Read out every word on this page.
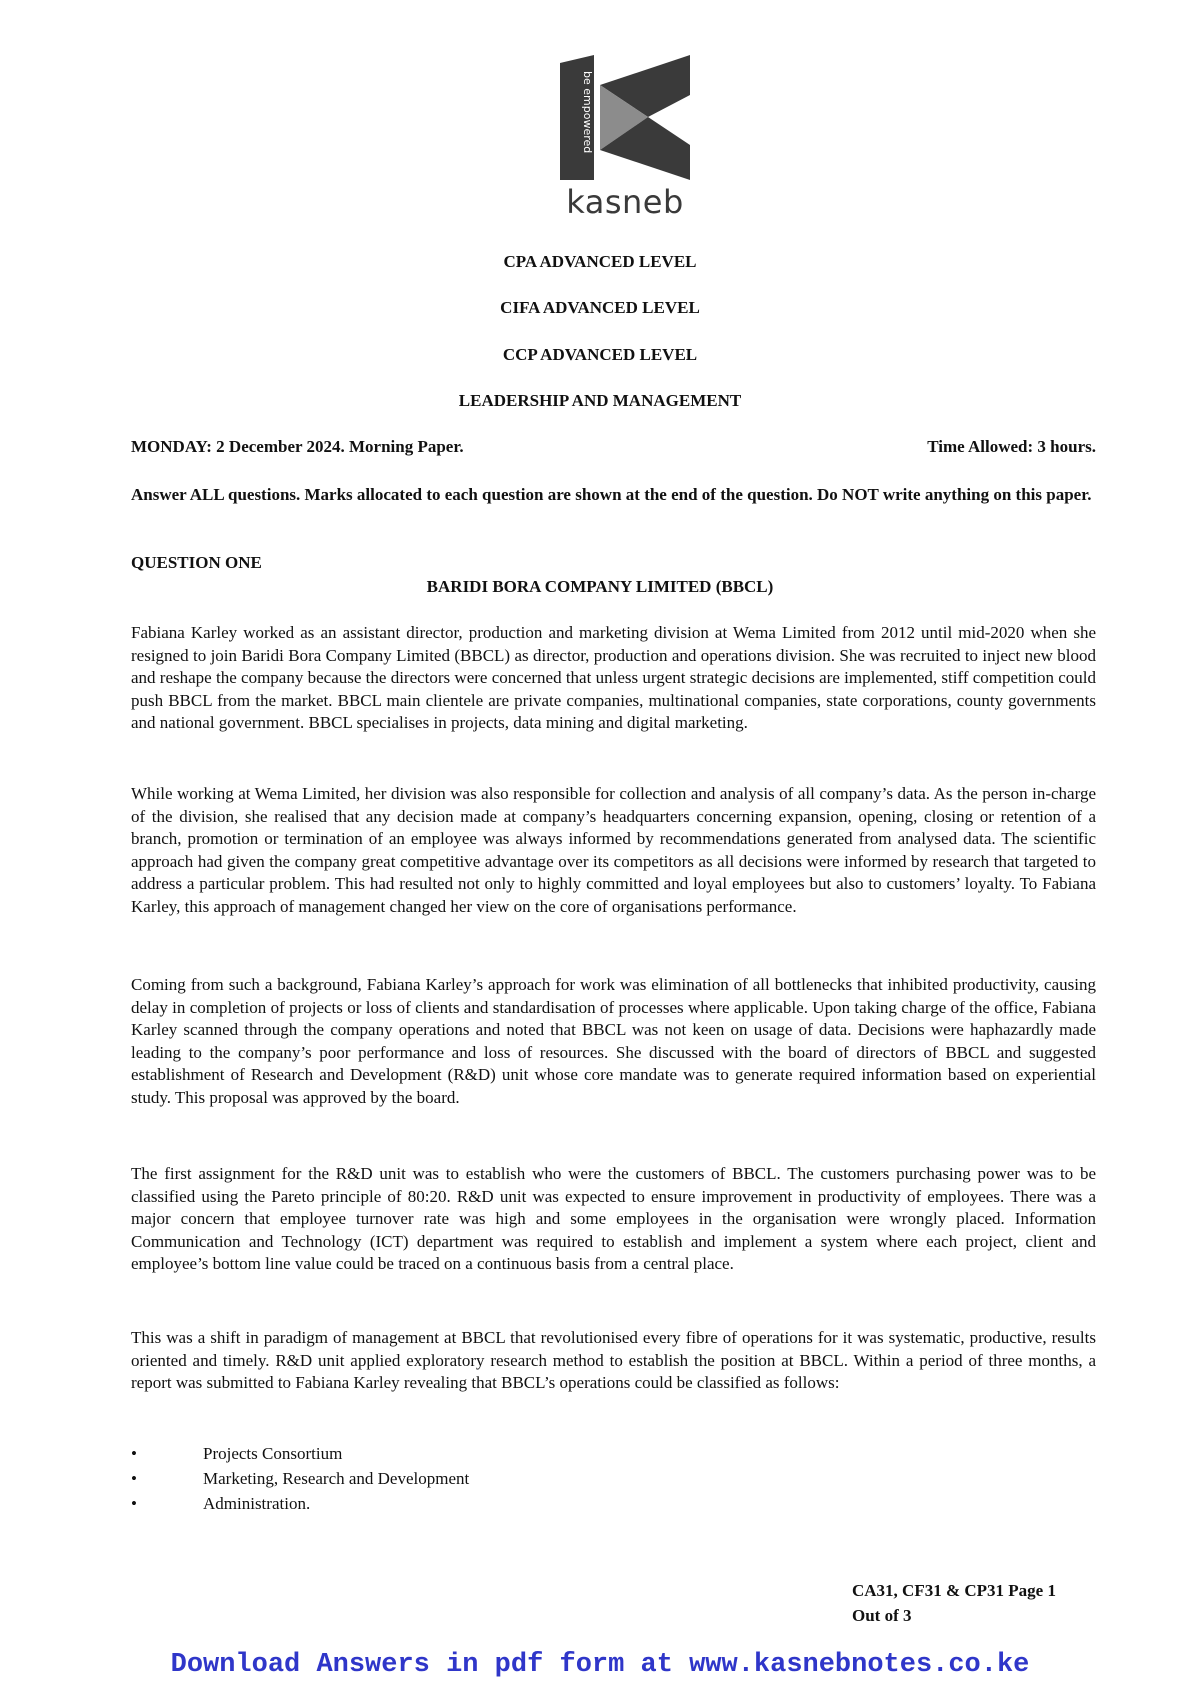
be empowered
kasneb
CPA ADVANCED LEVEL
CIFA ADVANCED LEVEL
CCP ADVANCED LEVEL
LEADERSHIP AND MANAGEMENT
MONDAY: 2 December 2024. Morning Paper.	Time Allowed: 3 hours.

Answer ALL questions. Marks allocated to each question are shown at the end of the question. Do NOT write anything on this paper.

QUESTION ONE
BARIDI BORA COMPANY LIMITED (BBCL)

Fabiana Karley worked as an assistant director, production and marketing division at Wema Limited from 2012 until mid-2020 when she resigned to join Baridi Bora Company Limited (BBCL) as director, production and operations division. She was recruited to inject new blood and reshape the company because the directors were concerned that unless urgent strategic decisions are implemented, stiff competition could push BBCL from the market. BBCL main clientele are private companies, multinational companies, state corporations, county governments and national government. BBCL specialises in projects, data mining and digital marketing.

While working at Wema Limited, her division was also responsible for collection and analysis of all company’s data. As the person in-charge of the division, she realised that any decision made at company’s headquarters concerning expansion, opening, closing or retention of a branch, promotion or termination of an employee was always informed by recommendations generated from analysed data. The scientific approach had given the company great competitive advantage over its competitors as all decisions were informed by research that targeted to address a particular problem. This had resulted not only to highly committed and loyal employees but also to customers’ loyalty. To Fabiana Karley, this approach of management changed her view on the core of organisations performance.

Coming from such a background, Fabiana Karley’s approach for work was elimination of all bottlenecks that inhibited productivity, causing delay in completion of projects or loss of clients and standardisation of processes where applicable. Upon taking charge of the office, Fabiana Karley scanned through the company operations and noted that BBCL was not keen on usage of data. Decisions were haphazardly made leading to the company’s poor performance and loss of resources. She discussed with the board of directors of BBCL and suggested establishment of Research and Development (R&D) unit whose core mandate was to generate required information based on experiential study. This proposal was approved by the board.

The first assignment for the R&D unit was to establish who were the customers of BBCL. The customers purchasing power was to be classified using the Pareto principle of 80:20. R&D unit was expected to ensure improvement in productivity of employees. There was a major concern that employee turnover rate was high and some employees in the organisation were wrongly placed. Information Communication and Technology (ICT) department was required to establish and implement a system where each project, client and employee’s bottom line value could be traced on a continuous basis from a central place.

This was a shift in paradigm of management at BBCL that revolutionised every fibre of operations for it was systematic, productive, results oriented and timely. R&D unit applied exploratory research method to establish the position at BBCL. Within a period of three months, a report was submitted to Fabiana Karley revealing that BBCL’s operations could be classified as follows:

•	Projects Consortium
•	Marketing, Research and Development
•	Administration.
CA31, CF31 & CP31 Page 1
Out of 3
Download Answers in pdf form at www.kasnebnotes.co.ke
